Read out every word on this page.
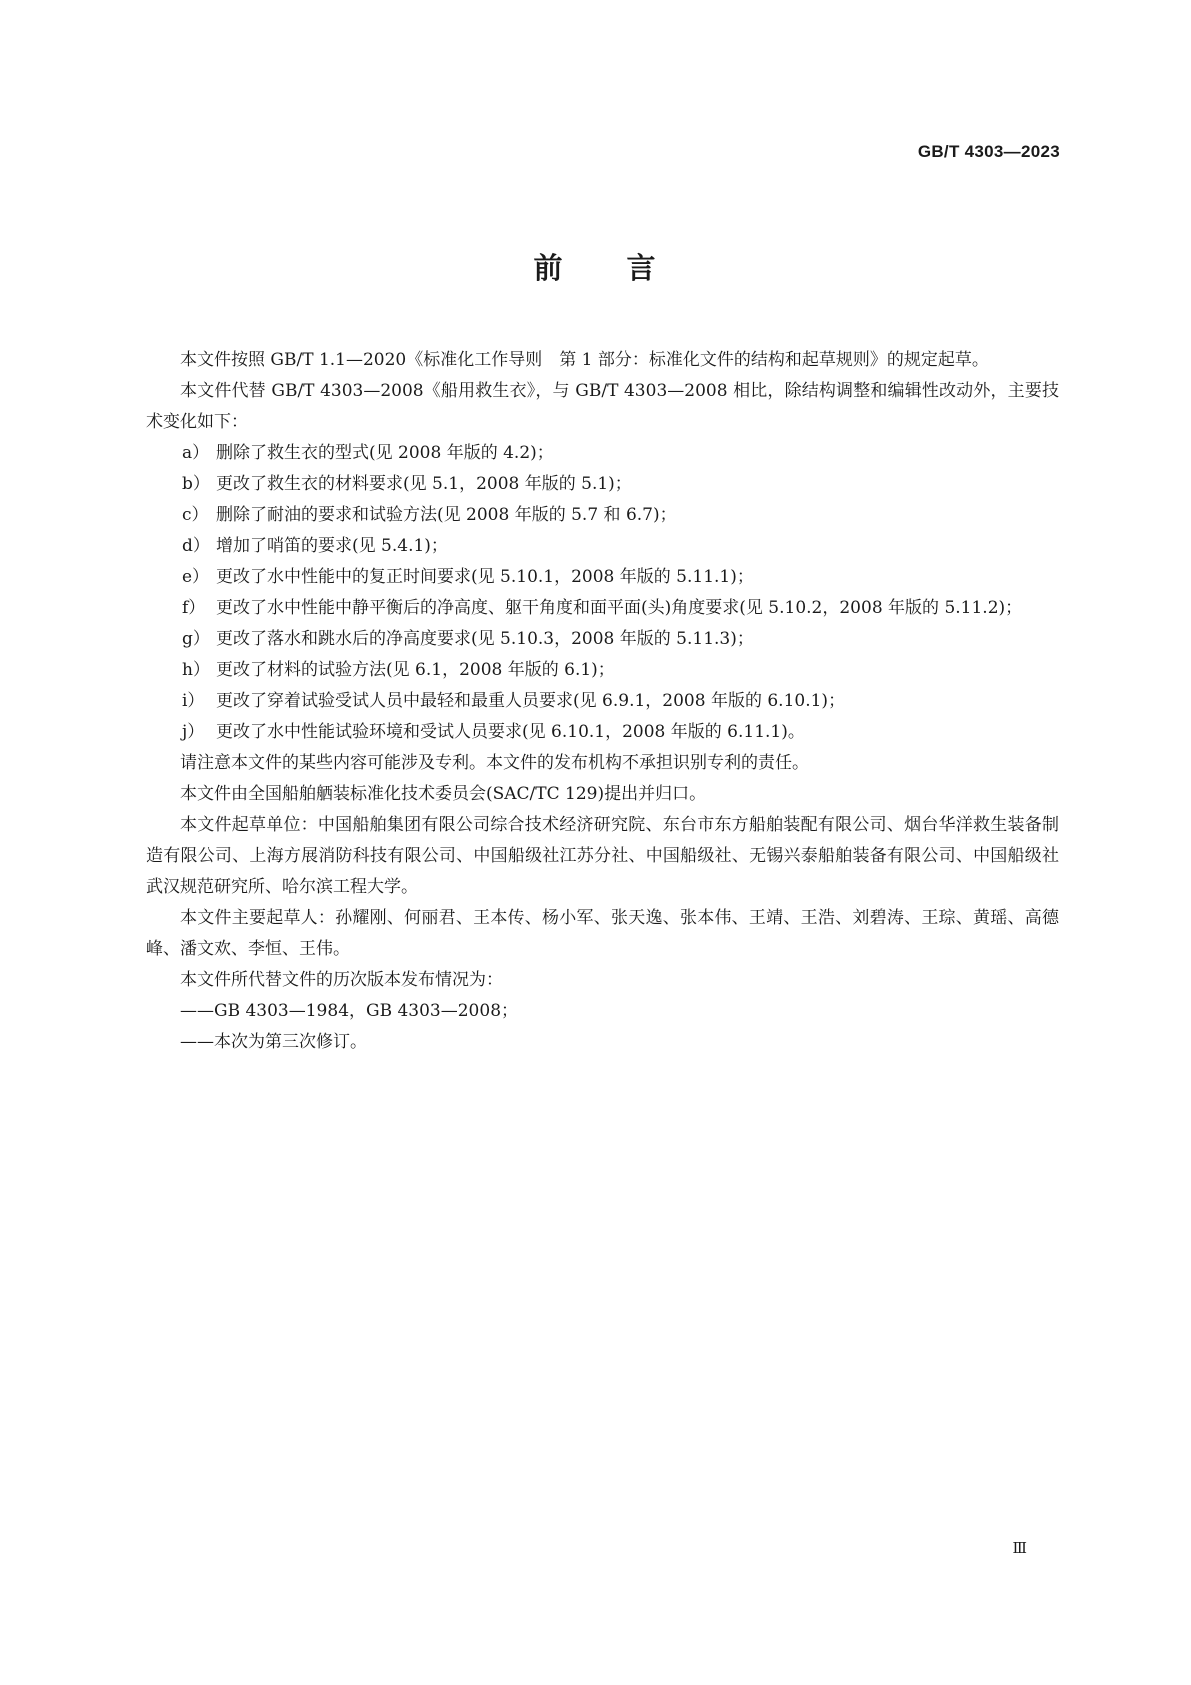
GB/T 4303—2023
前 言

本文件按照 GB/T 1.1—2020《标准化工作导则　第 1 部分：标准化文件的结构和起草规则》的规定起草。

本文件代替 GB/T 4303—2008《船用救生衣》，与 GB/T 4303—2008 相比，除结构调整和编辑性改动外，主要技术变化如下：

a） 删除了救生衣的型式(见 2008 年版的 4.2)；

b） 更改了救生衣的材料要求(见 5.1，2008 年版的 5.1)；

c） 删除了耐油的要求和试验方法(见 2008 年版的 5.7 和 6.7)；

d） 增加了哨笛的要求(见 5.4.1)；

e） 更改了水中性能中的复正时间要求(见 5.10.1，2008 年版的 5.11.1)；

f） 更改了水中性能中静平衡后的净高度、躯干角度和面平面(头)角度要求(见 5.10.2，2008 年版的 5.11.2)；

g） 更改了落水和跳水后的净高度要求(见 5.10.3，2008 年版的 5.11.3)；

h） 更改了材料的试验方法(见 6.1，2008 年版的 6.1)；

i） 更改了穿着试验受试人员中最轻和最重人员要求(见 6.9.1，2008 年版的 6.10.1)；

j） 更改了水中性能试验环境和受试人员要求(见 6.10.1，2008 年版的 6.11.1)。

请注意本文件的某些内容可能涉及专利。本文件的发布机构不承担识别专利的责任。

本文件由全国船舶舾装标准化技术委员会(SAC/TC 129)提出并归口。

本文件起草单位：中国船舶集团有限公司综合技术经济研究院、东台市东方船舶装配有限公司、烟台华洋救生装备制造有限公司、上海方展消防科技有限公司、中国船级社江苏分社、中国船级社、无锡兴泰船舶装备有限公司、中国船级社武汉规范研究所、哈尔滨工程大学。

本文件主要起草人：孙耀刚、何丽君、王本传、杨小军、张天逸、张本伟、王靖、王浩、刘碧涛、王琮、黄瑶、高德峰、潘文欢、李恒、王伟。

本文件所代替文件的历次版本发布情况为：

——GB 4303—1984，GB 4303—2008；

——本次为第三次修订。

Ⅲ
